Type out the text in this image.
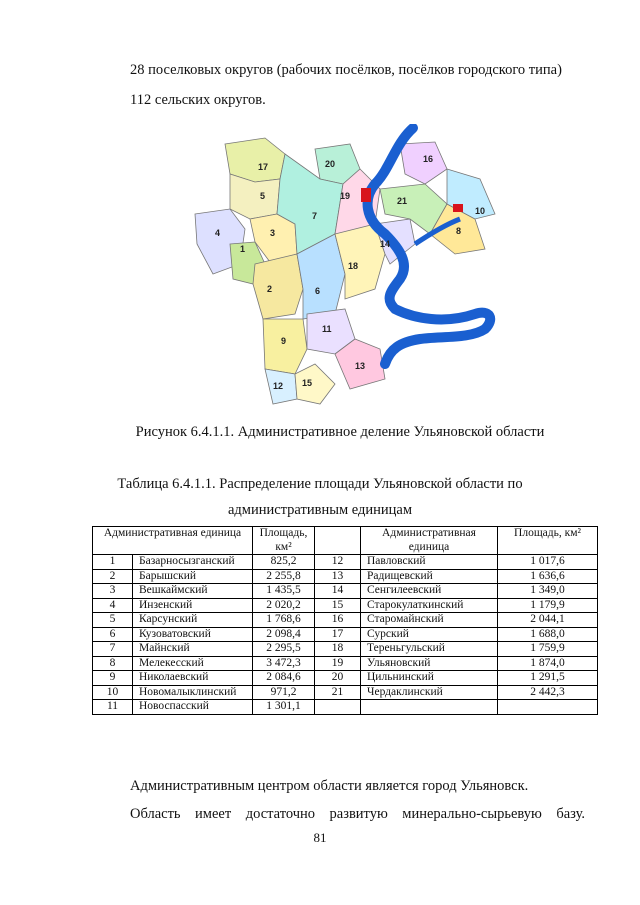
28 поселковых округов (рабочих посёлков, посёлков городского типа)
112 сельских округов.
1
2
3
4
5
6
7
8
9
10
11
12
13
14
15
16
17
18
19
20
21
Рисунок 6.4.1.1. Административное деление Ульяновской области
Таблица 6.4.1.1. Распределение площади Ульяновской области по
административным единицам
Административная единица		Площадь, км²		Административная единица	Площадь, км²
1	Базарносызганский	825,2	12	Павловский	1 017,6
2	Барышский	2 255,8	13	Радищевский	1 636,6
3	Вешкаймский	1 435,5	14	Сенгилеевский	1 349,0
4	Инзенский	2 020,2	15	Старокулаткинский	1 179,9
5	Карсунский	1 768,6	16	Старомайнский	2 044,1
6	Кузоватовский	2 098,4	17	Сурский	1 688,0
7	Майнский	2 295,5	18	Тереньгульский	1 759,9
8	Мелекесский	3 472,3	19	Ульяновский	1 874,0
9	Николаевский	2 084,6	20	Цильнинский	1 291,5
10	Новомалыклинский	971,2	21	Чердаклинский	2 442,3
11	Новоспасский	1 301,1			
Административным центром области является город Ульяновск.
Область имеет достаточно развитую минерально-сырьевую базу.
81
